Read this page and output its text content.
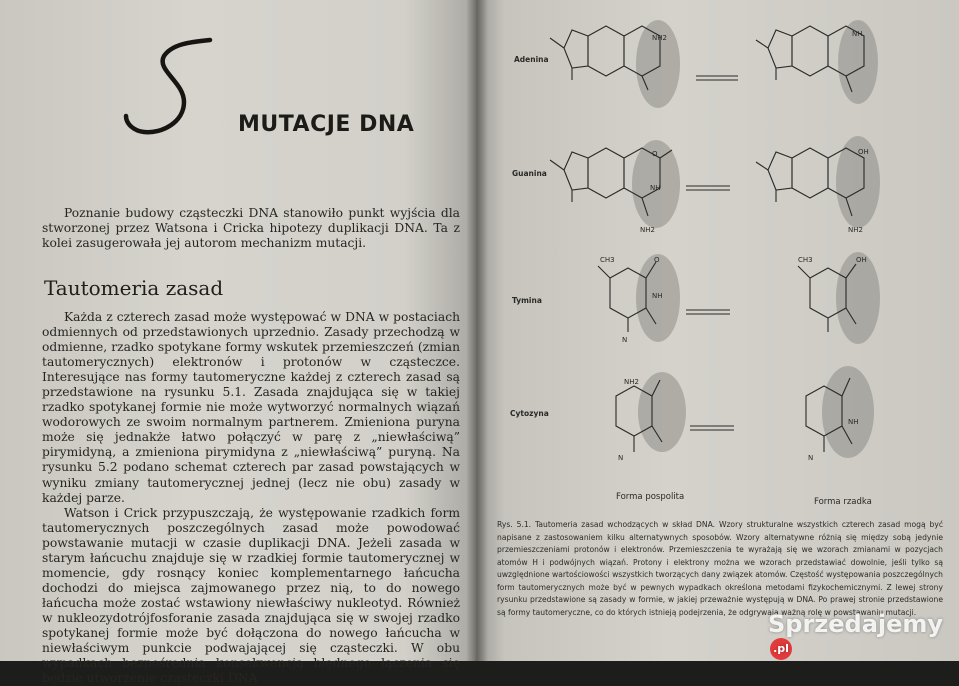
MUTACJE DNA

Poznanie budowy cząsteczki DNA stanowiło punkt wyjścia dla stworzonej przez Watsona i Cricka hipotezy duplikacji DNA. Ta z kolei zasugerowała jej autorom mechanizm mutacji.

Tautomeria zasad

Każda z czterech zasad może występować w DNA w postaciach odmiennych od przedstawionych uprzednio. Zasady przechodzą w odmienne, rzadko spotykane formy wskutek przemieszczeń (zmian tautomerycznych) elektronów i protonów w cząsteczce. Interesujące nas formy tautomeryczne każdej z czterech zasad są przedstawione na rysunku 5.1. Zasada znajdująca się w takiej rzadko spotykanej formie nie może wytworzyć normalnych wiązań wodorowych ze swoim normalnym partnerem. Zmieniona puryna może się jednakże łatwo połączyć w parę z „niewłaściwą” pirymidyną, a zmieniona pirymidyna z „niewłaściwą” puryną. Na rysunku 5.2 podano schemat czterech par zasad powstających w wyniku zmiany tautomerycznej jednej (lecz nie obu) zasady w każdej parze.

Watson i Crick przypuszczają, że występowanie rzadkich form tautomerycznych poszczególnych zasad może powodować powstawanie mutacji w czasie duplikacji DNA. Jeżeli zasada w starym łańcuchu znajduje się w rzadkiej formie tautomerycznej w momencie, gdy rosnący koniec komplementarnego łańcucha dochodzi do miejsca zajmowanego przez nią, to do nowego łańcucha może zostać wstawiony niewłaściwy nukleotyd. Również w nukleozydotrójfosforanie zasada znajdująca się w swojej rzadko spotykanej formie może być dołączona do nowego łańcucha w niewłaściwym punkcie podwajającej się cząsteczki. W obu wypadkach bezpośrednią konsekwencją błędnego łączenia się będzie utworzenie cząsteczki DNA

Adenina
Guanina
Tymina
Cytozyna
NH2	NH
O
NH
NH2
OH
NH2
CH3	O
NH
N
CH3	OH
NH2
N
NH
N
Forma pospolita	Forma rzadka

Rys. 5.1. Tautomeria zasad wchodzących w skład DNA. Wzory strukturalne wszystkich czterech zasad mogą być napisane z zastosowaniem kilku alternatywnych sposobów. Wzory alternatywne różnią się między sobą jedynie przemieszczeniami protonów i elektronów. Przemieszczenia te wyrażają się we wzorach zmianami w pozycjach atomów H i podwójnych wiązań. Protony i elektrony można we wzorach przedstawiać dowolnie, jeśli tylko są uwzględnione wartościowości wszystkich tworzących dany związek atomów. Częstość występowania poszczególnych form tautomerycznych może być w pewnych wypadkach określona metodami fizykochemicznymi. Z lewej strony rysunku przedstawione są zasady w formie, w jakiej przeważnie występują w DNA. Po prawej stronie przedstawione są formy tautomeryczne, co do których istnieją podejrzenia, że odgrywają ważną rolę w powstawaniu mutacji.

Sprzedajemy.pl
